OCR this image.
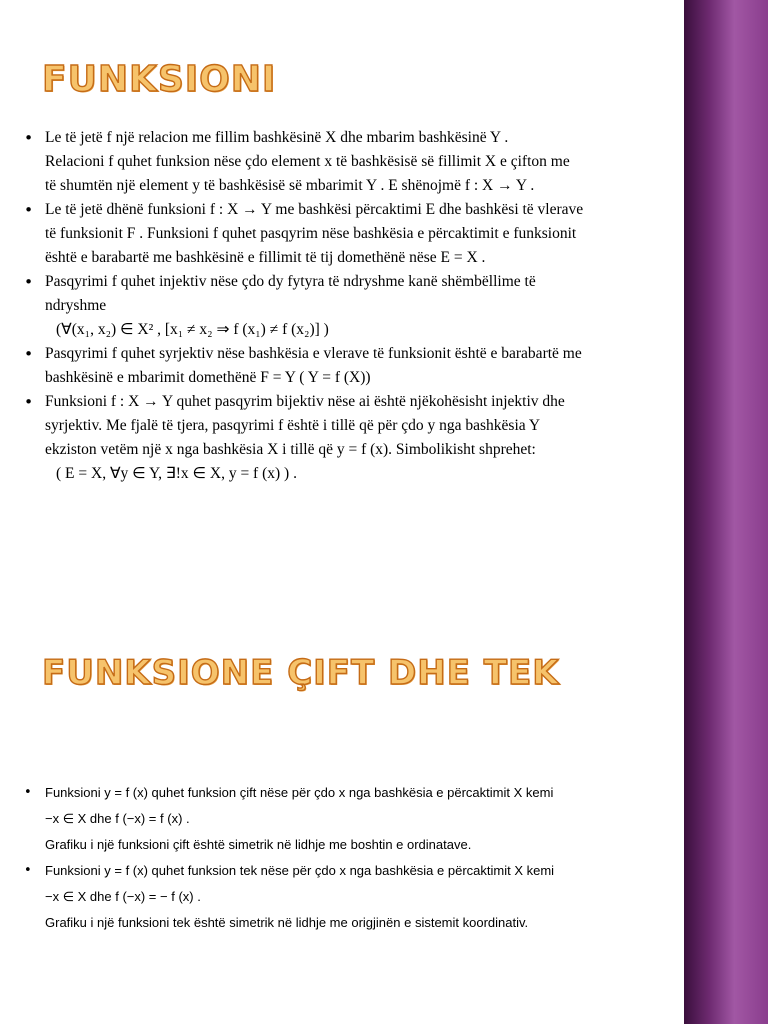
FUNKSIONI

• Le të jetë f një relacion me fillim bashkësinë X dhe mbarim bashkësinë Y .

Relacioni f quhet funksion nëse çdo element x të bashkësisë së fillimit X e çifton me

të shumtën një element y të bashkësisë së mbarimit Y . E shënojmë f : X → Y .

• Le të jetë dhënë funksioni f : X → Y me bashkësi përcaktimi E dhe bashkësi të vlerave

të funksionit F . Funksioni f quhet pasqyrim nëse bashkësia e përcaktimit e funksionit

është e barabartë me bashkësinë e fillimit të tij domethënë nëse E = X .

• Pasqyrimi f quhet injektiv nëse çdo dy fytyra të ndryshme kanë shëmbëllime të

ndryshme

(∀(x₁, x₂) ∈ X² , [x₁ ≠ x₂ ⇒ f (x₁) ≠ f (x₂)] )

• Pasqyrimi f quhet syrjektiv nëse bashkësia e vlerave të funksionit është e barabartë me

bashkësinë e mbarimit domethënë F = Y ( Y = f (X))

• Funksioni f : X → Y quhet pasqyrim bijektiv nëse ai është njëkohësisht injektiv dhe

syrjektiv. Me fjalë të tjera, pasqyrimi f është i tillë që për çdo y nga bashkësia Y

ekziston vetëm një x nga bashkësia X i tillë që y = f (x). Simbolikisht shprehet:

( E = X, ∀y ∈ Y, ∃!x ∈ X, y = f (x) ) .

FUNKSIONE ÇIFT DHE TEK

• Funksioni y = f (x) quhet funksion çift nëse për çdo x nga bashkësia e përcaktimit X kemi

−x ∈ X dhe f (−x) = f (x) .

Grafiku i një funksioni çift është simetrik në lidhje me boshtin e ordinatave.

• Funksioni y = f (x) quhet funksion tek nëse për çdo x nga bashkësia e përcaktimit X kemi

−x ∈ X dhe f (−x) = − f (x) .

Grafiku i një funksioni tek është simetrik në lidhje me origjinën e sistemit koordinativ.
